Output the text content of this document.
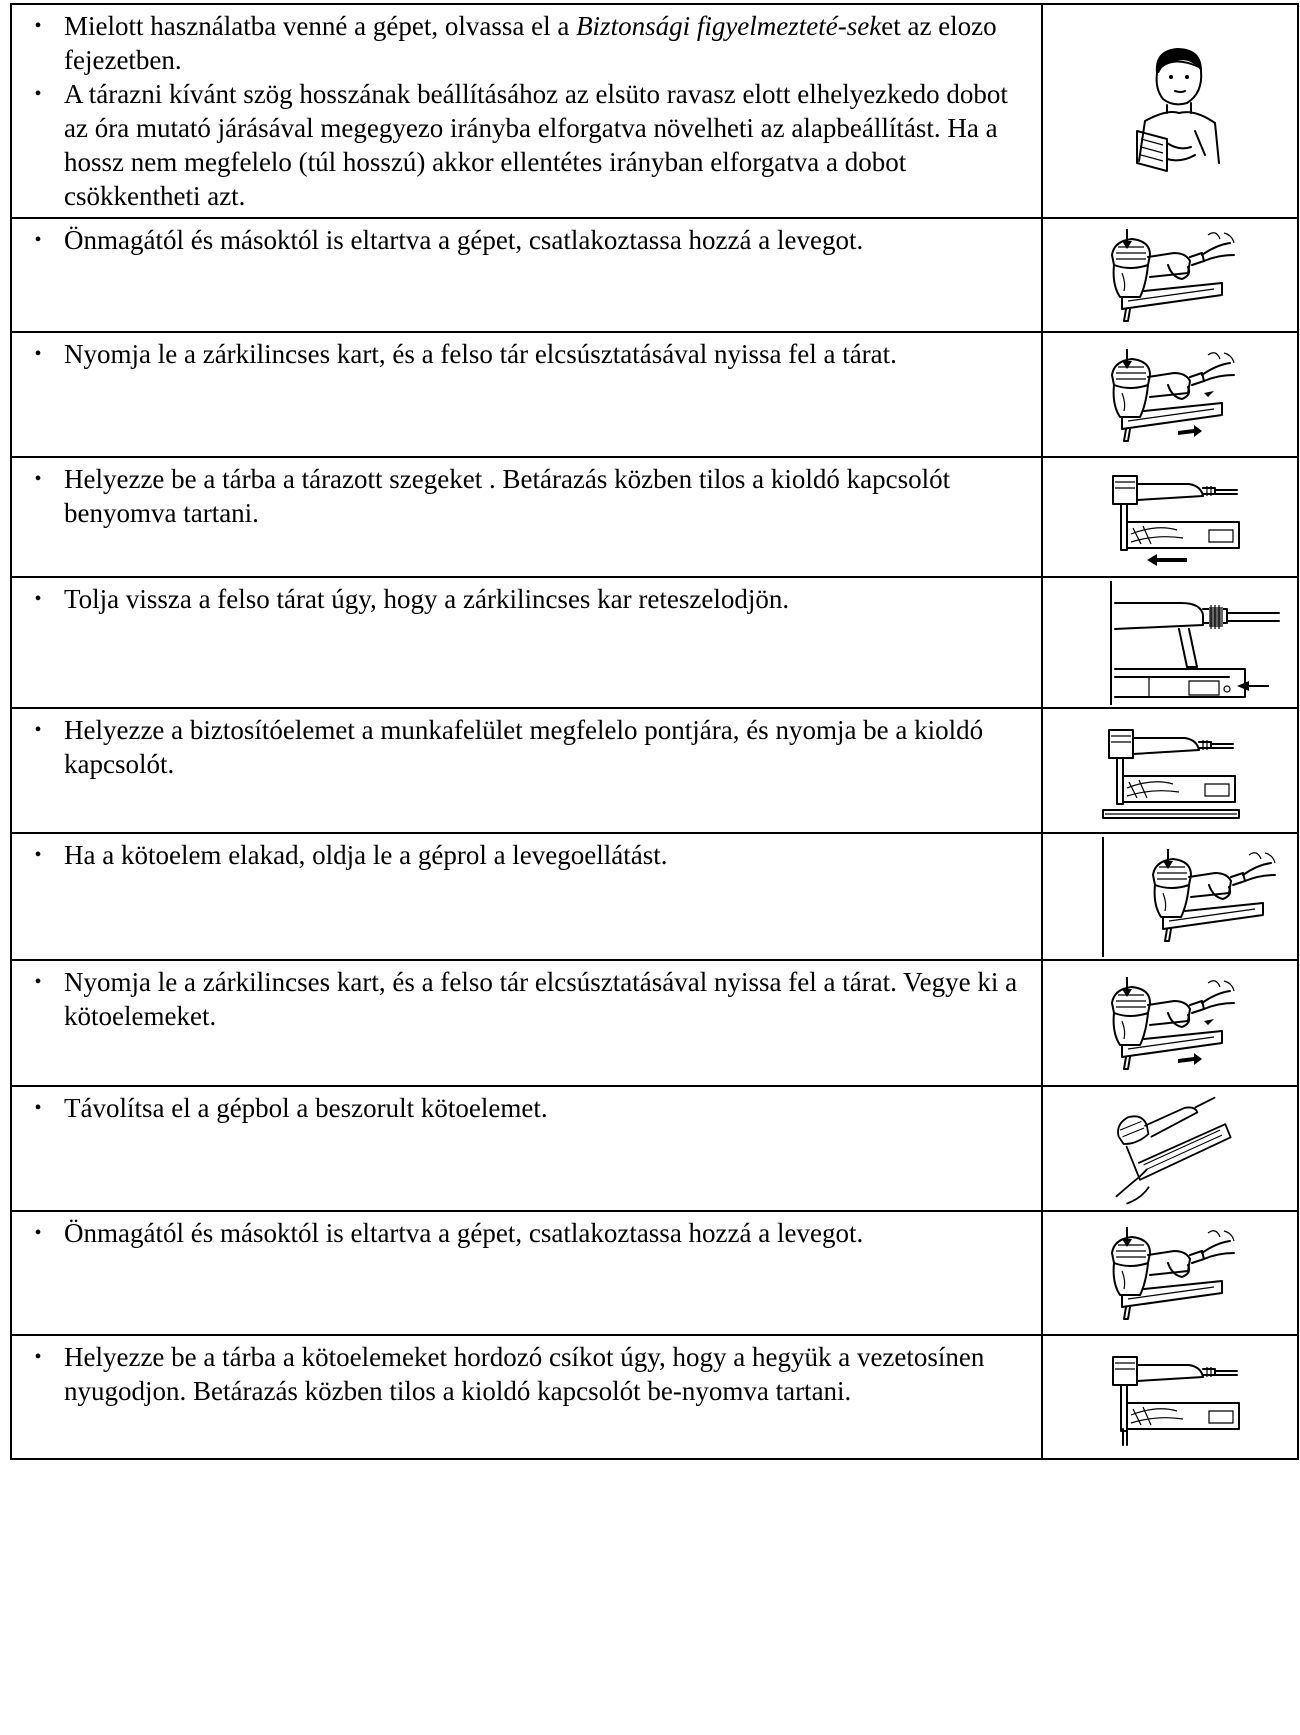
• Mielott használatba venné a gépet, olvassa el a Biztonsági figyelmezteté-seket az elozo fejezetben.
• A tárazni kívánt szög hosszának beállításához az elsüto ravasz elott elhelyezkedo dobot az óra mutató járásával megegyezo irányba elforgatva növelheti az alapbeállítást. Ha a hossz nem megfelelo (túl hosszú) akkor ellentétes irányban elforgatva a dobot csökkentheti azt.

• Önmagától és másoktól is eltartva a gépet, csatlakoztassa hozzá a levegot.

• Nyomja le a zárkilincses kart, és a felso tár elcsúsztatásával nyissa fel a tárat.

• Helyezze be a tárba a tárazott szegeket . Betárazás közben tilos a kioldó kapcsolót benyomva tartani.

• Tolja vissza a felso tárat úgy, hogy a zárkilincses kar reteszelodjön.

• Helyezze a biztosítóelemet a munkafelület megfelelo pontjára, és nyomja be a kioldó kapcsolót.

• Ha a kötoelem elakad, oldja le a géprol a levegoellátást.

• Nyomja le a zárkilincses kart, és a felso tár elcsúsztatásával nyissa fel a tárat. Vegye ki a kötoelemeket.

• Távolítsa el a gépbol a beszorult kötoelemet.

• Önmagától és másoktól is eltartva a gépet, csatlakoztassa hozzá a levegot.

• Helyezze be a tárba a kötoelemeket hordozó csíkot úgy, hogy a hegyük a vezetosínen nyugodjon. Betárazás közben tilos a kioldó kapcsolót be-nyomva tartani.
